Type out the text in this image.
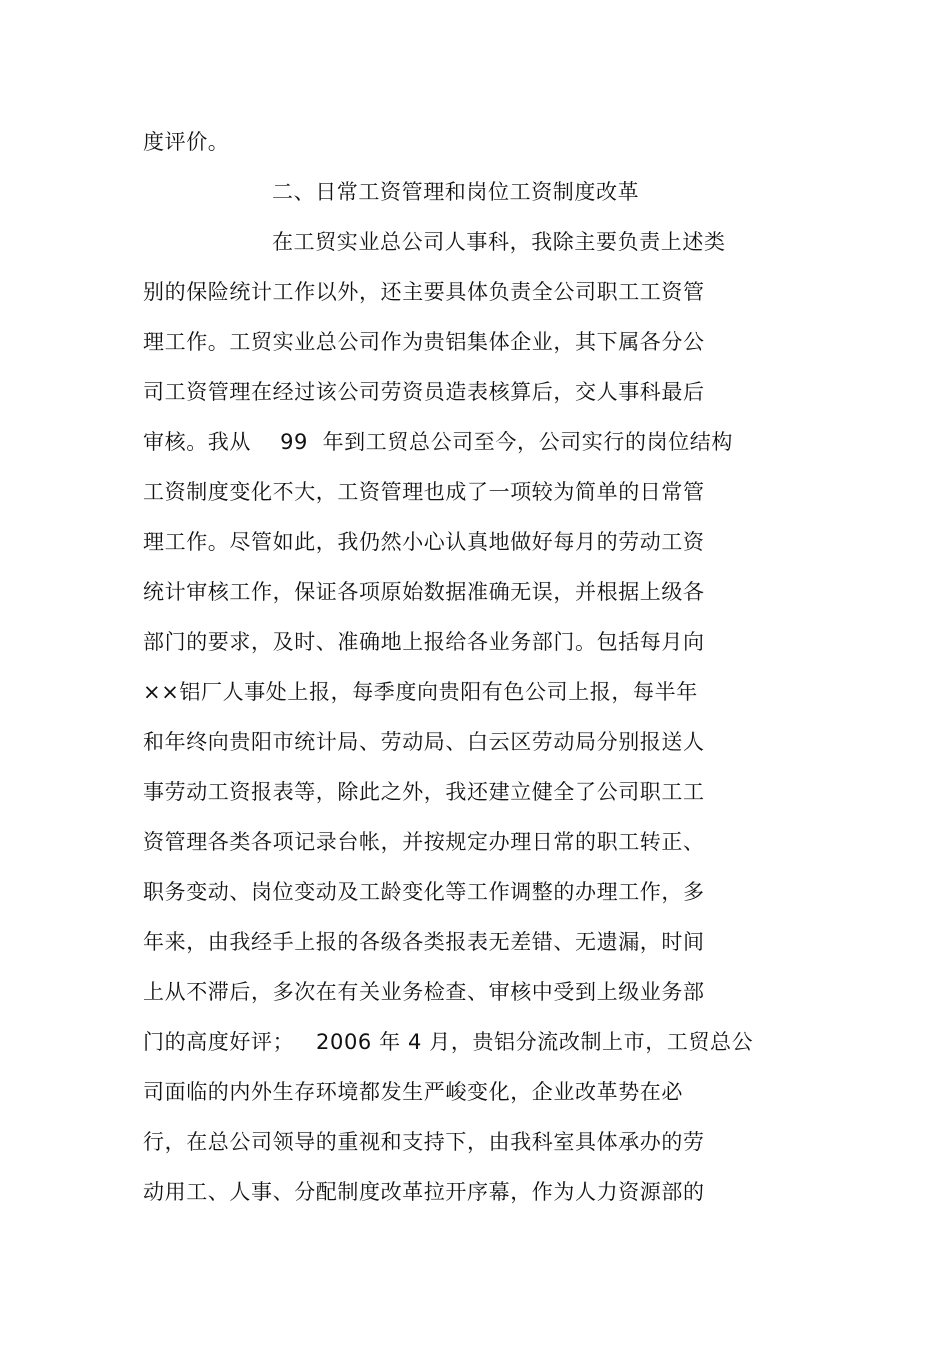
度评价。
二、日常工资管理和岗位工资制度改革
在工贸实业总公司人事科，我除主要负责上述类
别的保险统计工作以外，还主要具体负责全公司职工工资管
理工作。工贸实业总公司作为贵铝集体企业，其下属各分公
司工资管理在经过该公司劳资员造表核算后，交人事科最后
审核。我从    99  年到工贸总公司至今，公司实行的岗位结构
工资制度变化不大，工资管理也成了一项较为简单的日常管
理工作。尽管如此，我仍然小心认真地做好每月的劳动工资
统计审核工作，保证各项原始数据准确无误，并根据上级各
部门的要求，及时、准确地上报给各业务部门。包括每月向
××铝厂人事处上报，每季度向贵阳有色公司上报，每半年
和年终向贵阳市统计局、劳动局、白云区劳动局分别报送人
事劳动工资报表等，除此之外，我还建立健全了公司职工工
资管理各类各项记录台帐，并按规定办理日常的职工转正、
职务变动、岗位变动及工龄变化等工作调整的办理工作，多
年来，由我经手上报的各级各类报表无差错、无遗漏，时间
上从不滞后，多次在有关业务检查、审核中受到上级业务部
门的高度好评；   2006 年 4 月，贵铝分流改制上市，工贸总公
司面临的内外生存环境都发生严峻变化，企业改革势在必
行，在总公司领导的重视和支持下，由我科室具体承办的劳
动用工、人事、分配制度改革拉开序幕，作为人力资源部的
